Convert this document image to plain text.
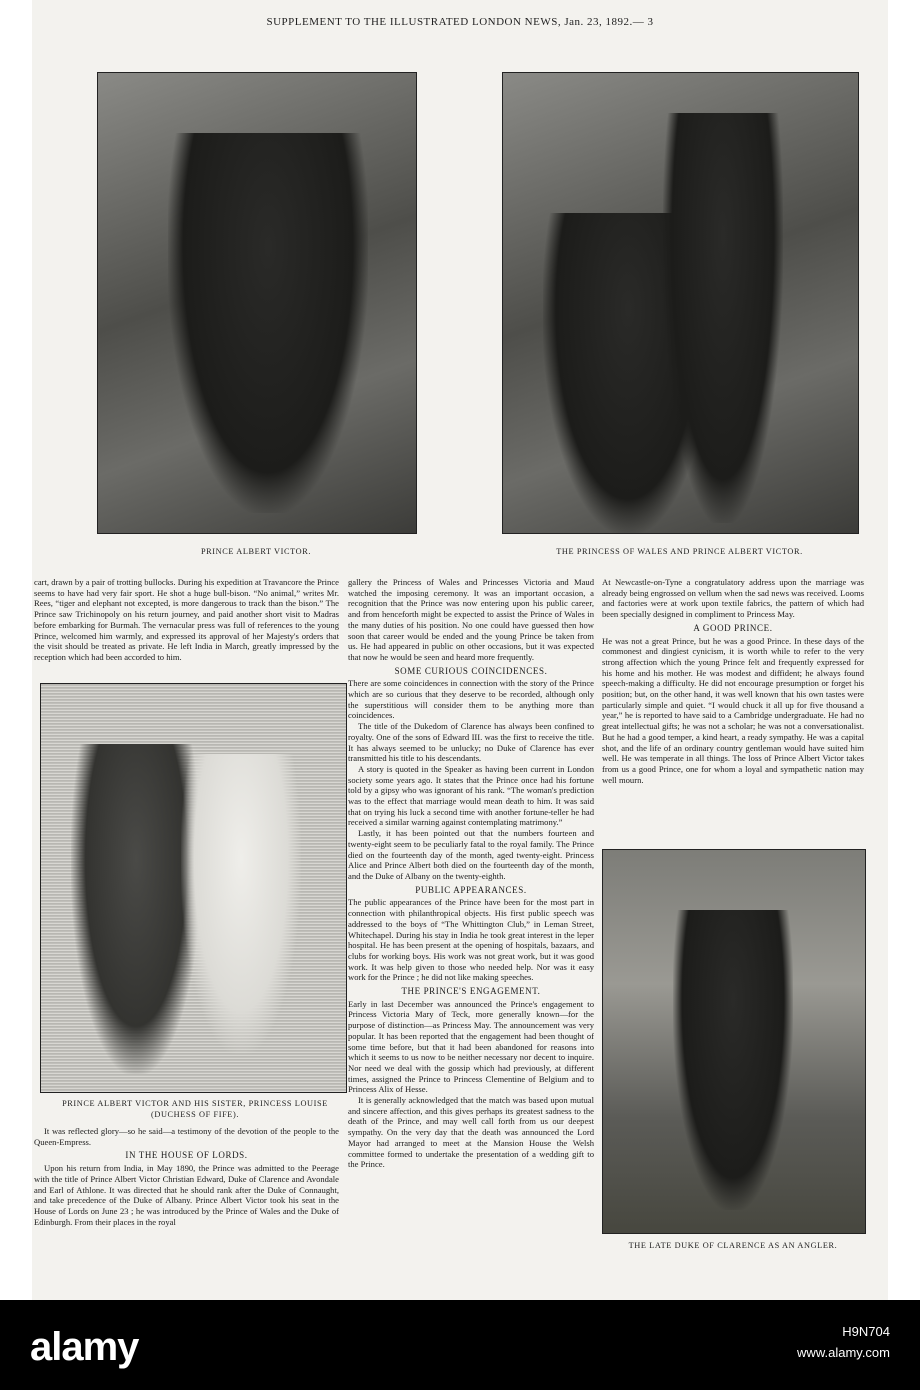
SUPPLEMENT TO THE ILLUSTRATED LONDON NEWS, Jan. 23, 1892.— 3
PRINCE ALBERT VICTOR.	THE PRINCESS OF WALES AND PRINCE ALBERT VICTOR.
PRINCE ALBERT VICTOR AND HIS SISTER, PRINCESS LOUISE (DUCHESS OF FIFE).
THE LATE DUKE OF CLARENCE AS AN ANGLER.

cart, drawn by a pair of trotting bullocks. During his expedition at Travancore the Prince seems to have had very fair sport. He shot a huge bull-bison. “No animal,” writes Mr. Rees, “tiger and elephant not excepted, is more dangerous to track than the bison.” The Prince saw Trichinopoly on his return journey, and paid another short visit to Madras before embarking for Burmah. The vernacular press was full of references to the young Prince, welcomed him warmly, and expressed its approval of her Majesty's orders that the visit should be treated as private. He left India in March, greatly impressed by the reception which had been accorded to him.

It was reflected glory—so he said—a testimony of the devotion of the people to the Queen-Empress.

IN THE HOUSE OF LORDS.

Upon his return from India, in May 1890, the Prince was admitted to the Peerage with the title of Prince Albert Victor Christian Edward, Duke of Clarence and Avondale and Earl of Athlone. It was directed that he should rank after the Duke of Connaught, and take precedence of the Duke of Albany. Prince Albert Victor took his seat in the House of Lords on June 23 ; he was introduced by the Prince of Wales and the Duke of Edinburgh. From their places in the royal

gallery the Princess of Wales and Princesses Victoria and Maud watched the imposing ceremony. It was an important occasion, a recognition that the Prince was now entering upon his public career, and from henceforth might be expected to assist the Prince of Wales in the many duties of his position. No one could have guessed then how soon that career would be ended and the young Prince be taken from us. He had appeared in public on other occasions, but it was expected that now he would be seen and heard more frequently.

SOME CURIOUS COINCIDENCES.

There are some coincidences in connection with the story of the Prince which are so curious that they deserve to be recorded, although only the superstitious will consider them to be anything more than coincidences.

The title of the Dukedom of Clarence has always been confined to royalty. One of the sons of Edward III. was the first to receive the title. It has always seemed to be unlucky; no Duke of Clarence has ever transmitted his title to his descendants.

A story is quoted in the Speaker as having been current in London society some years ago. It states that the Prince once had his fortune told by a gipsy who was ignorant of his rank. “The woman's prediction was to the effect that marriage would mean death to him. It was said that on trying his luck a second time with another fortune-teller he had received a similar warning against contemplating matrimony.”

Lastly, it has been pointed out that the numbers fourteen and twenty-eight seem to be peculiarly fatal to the royal family. The Prince died on the fourteenth day of the month, aged twenty-eight. Princess Alice and Prince Albert both died on the fourteenth day of the month, and the Duke of Albany on the twenty-eighth.

PUBLIC APPEARANCES.

The public appearances of the Prince have been for the most part in connection with philanthropical objects. His first public speech was addressed to the boys of “The Whittington Club,” in Leman Street, Whitechapel. During his stay in India he took great interest in the leper hospital. He has been present at the opening of hospitals, bazaars, and clubs for working boys. His work was not great work, but it was good work. It was help given to those who needed help. Nor was it easy work for the Prince ; he did not like making speeches.

THE PRINCE'S ENGAGEMENT.

Early in last December was announced the Prince's engagement to Princess Victoria Mary of Teck, more generally known—for the purpose of distinction—as Princess May. The announcement was very popular. It has been reported that the engagement had been thought of some time before, but that it had been abandoned for reasons into which it seems to us now to be neither necessary nor decent to inquire. Nor need we deal with the gossip which had previously, at different times, assigned the Prince to Princess Clementine of Belgium and to Princess Alix of Hesse.

It is generally acknowledged that the match was based upon mutual and sincere affection, and this gives perhaps its greatest sadness to the death of the Prince, and may well call forth from us our deepest sympathy. On the very day that the death was announced the Lord Mayor had arranged to meet at the Mansion House the Welsh committee formed to undertake the presentation of a wedding gift to the Prince.

At Newcastle-on-Tyne a congratulatory address upon the marriage was already being engrossed on vellum when the sad news was received. Looms and factories were at work upon textile fabrics, the pattern of which had been specially designed in compliment to Princess May.

A GOOD PRINCE.

He was not a great Prince, but he was a good Prince. In these days of the commonest and dingiest cynicism, it is worth while to refer to the very strong affection which the young Prince felt and frequently expressed for his home and his mother. He was modest and diffident; he always found speech-making a difficulty. He did not encourage presumption or forget his position; but, on the other hand, it was well known that his own tastes were particularly simple and quiet. “I would chuck it all up for five thousand a year,” he is reported to have said to a Cambridge undergraduate. He had no great intellectual gifts; he was not a scholar; he was not a conversationalist. But he had a good temper, a kind heart, a ready sympathy. He was a capital shot, and the life of an ordinary country gentleman would have suited him well. He was temperate in all things. The loss of Prince Albert Victor takes from us a good Prince, one for whom a loyal and sympathetic nation may well mourn.

alamy	H9N704
www.alamy.com
